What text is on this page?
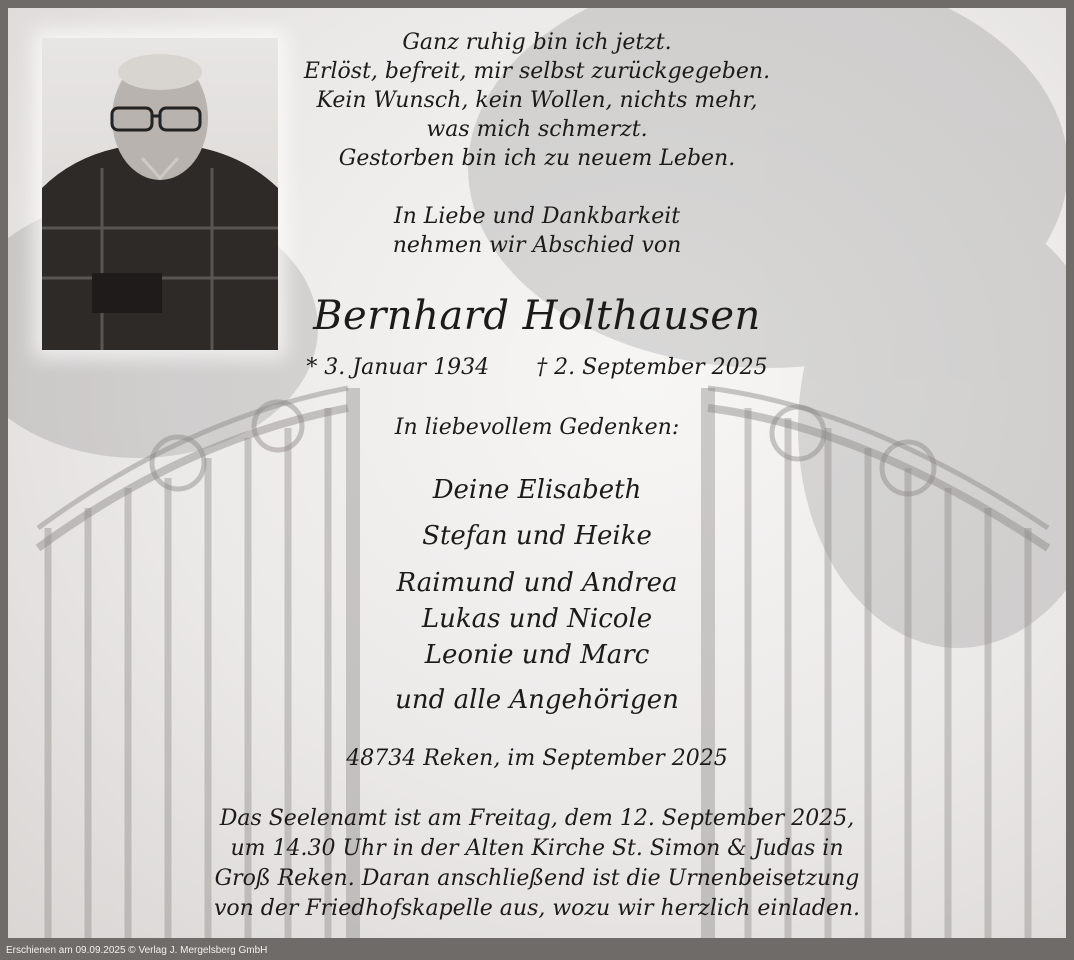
Ganz ruhig bin ich jetzt.
Erlöst, befreit, mir selbst zurückgegeben.
Kein Wunsch, kein Wollen, nichts mehr,
was mich schmerzt.
Gestorben bin ich zu neuem Leben.
In Liebe und Dankbarkeit
nehmen wir Abschied von
Bernhard Holthausen
* 3. Januar 1934 † 2. September 2025
In liebevollem Gedenken:
Deine Elisabeth
Stefan und Heike
Raimund und Andrea
Lukas und Nicole
Leonie und Marc
und alle Angehörigen
48734 Reken, im September 2025
Das Seelenamt ist am Freitag, dem 12. September 2025,
um 14.30 Uhr in der Alten Kirche St. Simon & Judas in
Groß Reken. Daran anschließend ist die Urnenbeisetzung
von der Friedhofskapelle aus, wozu wir herzlich einladen.
Erschienen am 09.09.2025 © Verlag J. Mergelsberg GmbH
